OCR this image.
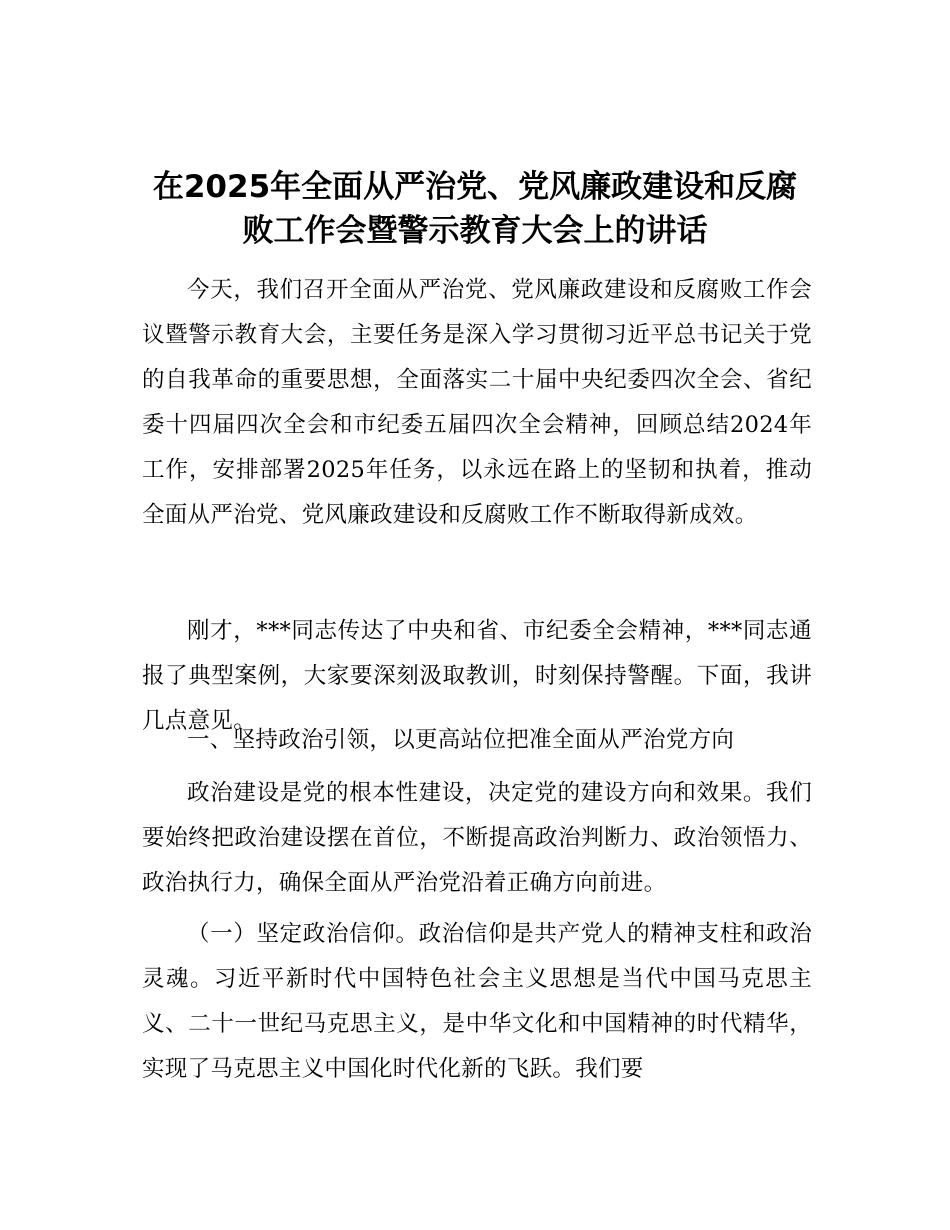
在2025年全面从严治党、党风廉政建设和反腐
败工作会暨警示教育大会上的讲话

今天，我们召开全面从严治党、党风廉政建设和反腐败工作会议暨警示教育大会，主要任务是深入学习贯彻习近平总书记关于党的自我革命的重要思想，全面落实二十届中央纪委四次全会、省纪委十四届四次全会和市纪委五届四次全会精神，回顾总结2024年工作，安排部署2025年任务，以永远在路上的坚韧和执着，推动全面从严治党、党风廉政建设和反腐败工作不断取得新成效。

刚才，***同志传达了中央和省、市纪委全会精神，***同志通报了典型案例，大家要深刻汲取教训，时刻保持警醒。下面，我讲几点意见。

一、坚持政治引领，以更高站位把准全面从严治党方向

政治建设是党的根本性建设，决定党的建设方向和效果。我们要始终把政治建设摆在首位，不断提高政治判断力、政治领悟力、政治执行力，确保全面从严治党沿着正确方向前进。

（一）坚定政治信仰。政治信仰是共产党人的精神支柱和政治灵魂。习近平新时代中国特色社会主义思想是当代中国马克思主义、二十一世纪马克思主义，是中华文化和中国精神的时代精华，实现了马克思主义中国化时代化新的飞跃。我们要
